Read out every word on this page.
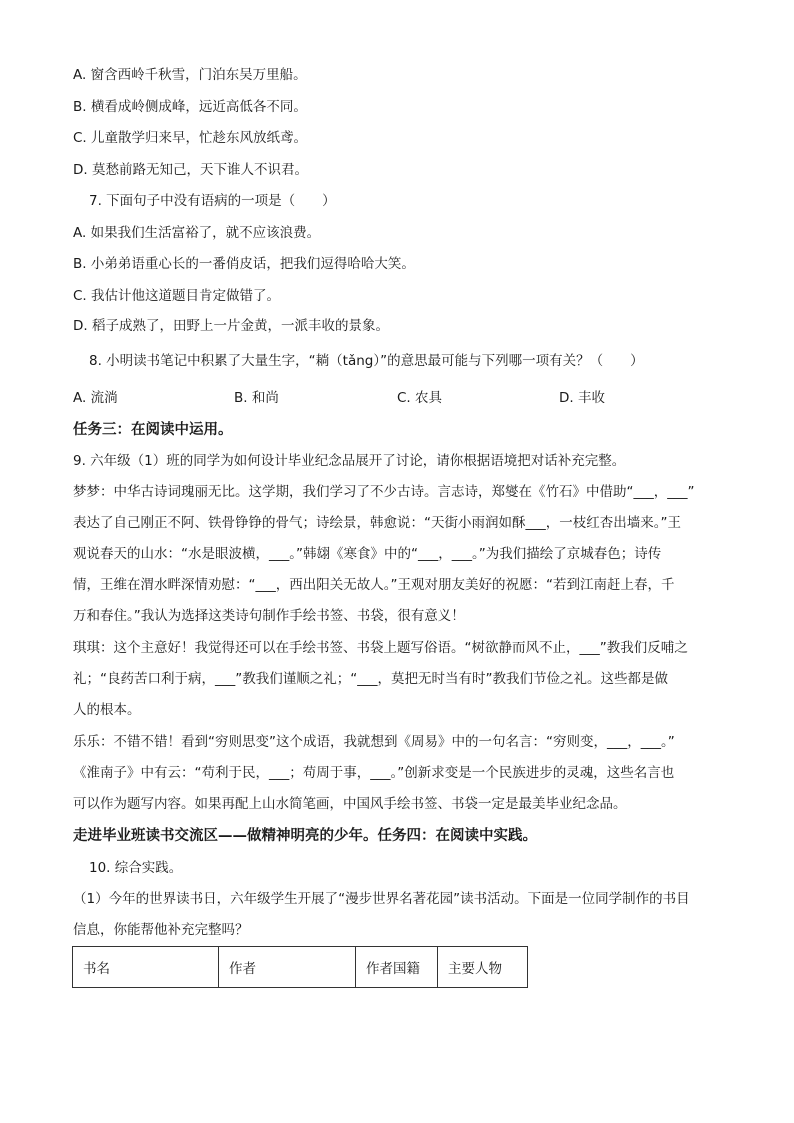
A. 窗含西岭千秋雪，门泊东吴万里船。
B. 横看成岭侧成峰，远近高低各不同。
C. 儿童散学归来早，忙趁东风放纸鸢。
D. 莫愁前路无知己，天下谁人不识君。
7. 下面句子中没有语病的一项是（　　）
A. 如果我们生活富裕了，就不应该浪费。
B. 小弟弟语重心长的一番俏皮话，把我们逗得哈哈大笑。
C. 我估计他这道题目肯定做错了。
D. 稻子成熟了，田野上一片金黄，一派丰收的景象。
8. 小明读书笔记中积累了大量生字，“耥（tǎng）”的意思最可能与下列哪一项有关？（　　）
A. 流淌	B. 和尚	C. 农具	D. 丰收
任务三：在阅读中运用。
9. 六年级（1）班的同学为如何设计毕业纪念品展开了讨论，请你根据语境把对话补充完整。
梦梦：中华古诗词瑰丽无比。这学期，我们学习了不少古诗。言志诗，郑燮在《竹石》中借助“___，___”
表达了自己刚正不阿、铁骨铮铮的骨气；诗绘景，韩愈说：“天街小雨润如酥___，一枝红杏出墙来。”王
观说春天的山水：“水是眼波横，___。”韩翃《寒食》中的“___，___。”为我们描绘了京城春色；诗传
情，王维在渭水畔深情劝慰：“___，西出阳关无故人。”王观对朋友美好的祝愿：“若到江南赶上春，千
万和春住。”我认为选择这类诗句制作手绘书签、书袋，很有意义！
琪琪：这个主意好！我觉得还可以在手绘书签、书袋上题写俗语。“树欲静而风不止，___”教我们反哺之
礼；“良药苦口利于病，___”教我们谨顺之礼；“___，莫把无时当有时”教我们节俭之礼。这些都是做
人的根本。
乐乐：不错不错！看到“穷则思变”这个成语，我就想到《周易》中的一句名言：“穷则变，___，___。”
《淮南子》中有云：“苟利于民，___；苟周于事，___。”创新求变是一个民族进步的灵魂，这些名言也
可以作为题写内容。如果再配上山水简笔画，中国风手绘书签、书袋一定是最美毕业纪念品。
走进毕业班读书交流区——做精神明亮的少年。任务四：在阅读中实践。
10. 综合实践。
（1）今年的世界读书日，六年级学生开展了“漫步世界名著花园”读书活动。下面是一位同学制作的书目
信息，你能帮他补充完整吗？
书名	作者	作者国籍	主要人物
